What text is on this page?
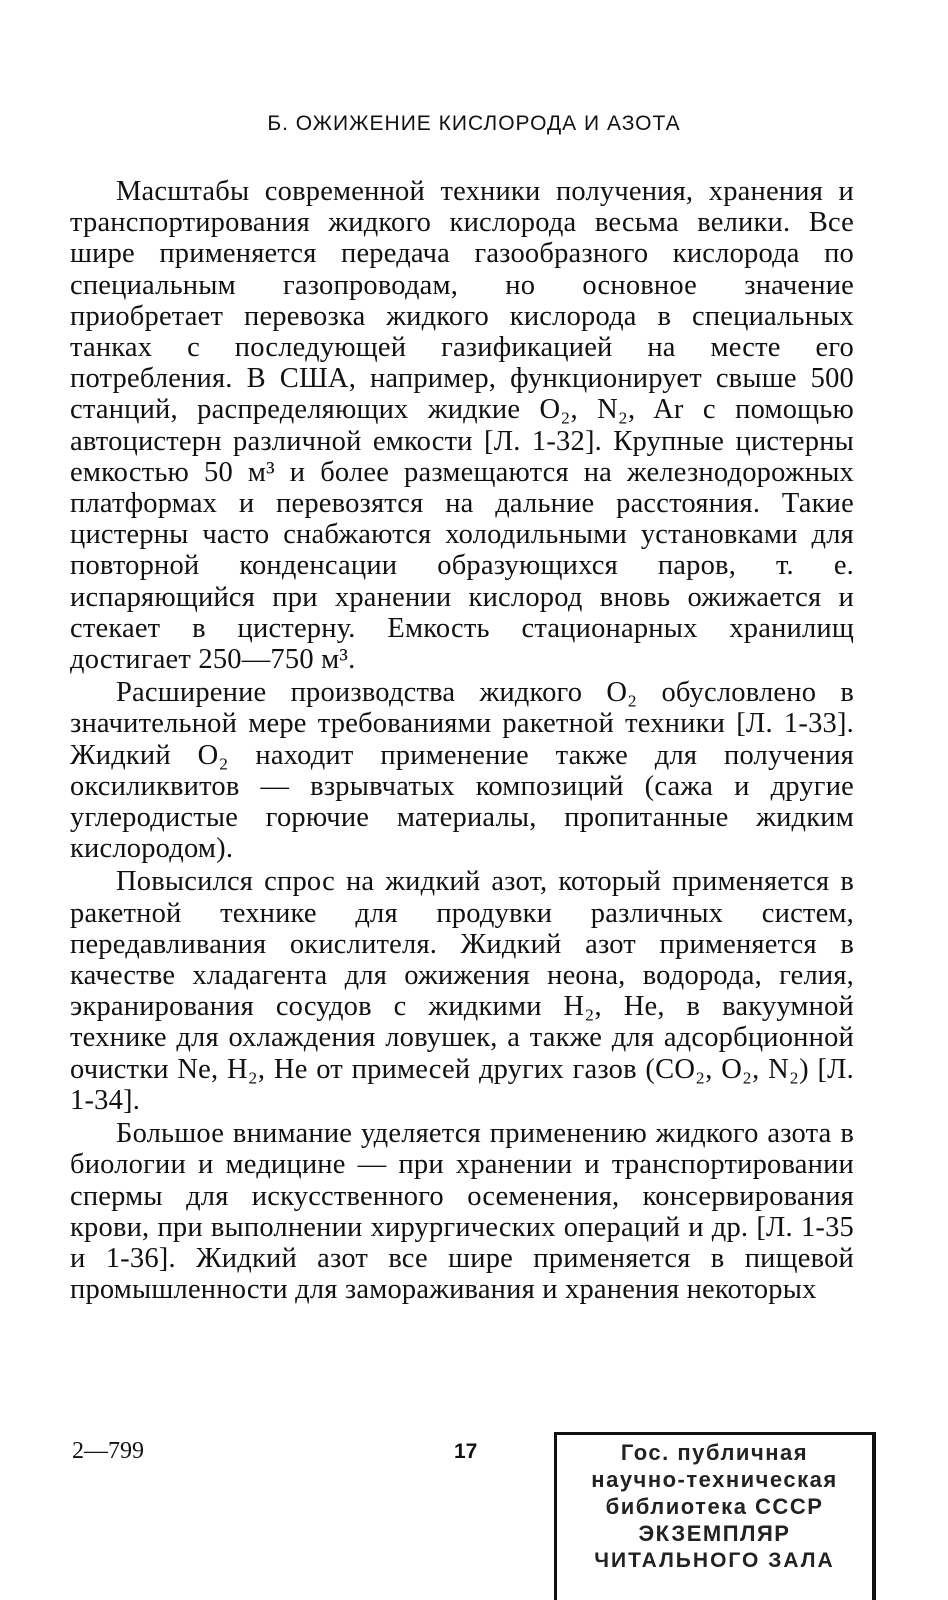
Б. ОЖИЖЕНИЕ КИСЛОРОДА И АЗОТА

Масштабы современной техники получения, хранения и транспортирования жидкого кислорода весьма велики. Все шире применяется передача газообразного кислорода по специальным газопроводам, но основное значение приобретает перевозка жидкого кислорода в специальных танках с последующей газификацией на месте его потребления. В США, например, функционирует свыше 500 станций, распределяющих жидкие O₂, N₂, Ar с помощью автоцистерн различной емкости [Л. 1-32]. Крупные цистерны емкостью 50 м³ и более размещаются на железнодорожных платформах и перевозятся на дальние расстояния. Такие цистерны часто снабжаются холодильными установками для повторной конденсации образующихся паров, т. е. испаряющийся при хранении кислород вновь ожижается и стекает в цистерну. Емкость стационарных хранилищ достигает 250—750 м³.

Расширение производства жидкого O₂ обусловлено в значительной мере требованиями ракетной техники [Л. 1-33]. Жидкий O₂ находит применение также для получения оксиликвитов — взрывчатых композиций (сажа и другие углеродистые горючие материалы, пропитанные жидким кислородом).

Повысился спрос на жидкий азот, который применяется в ракетной технике для продувки различных систем, передавливания окислителя. Жидкий азот применяется в качестве хладагента для ожижения неона, водорода, гелия, экранирования сосудов с жидкими H₂, He, в вакуумной технике для охлаждения ловушек, а также для адсорбционной очистки Ne, H₂, He от примесей других газов (CO₂, O₂, N₂) [Л. 1-34].

Большое внимание уделяется применению жидкого азота в биологии и медицине — при хранении и транспортировании спермы для искусственного осеменения, консервирования крови, при выполнении хирургических операций и др. [Л. 1-35 и 1-36]. Жидкий азот все шире применяется в пищевой промышленности для замораживания и хранения некоторых

2—799	17	Гос. публичная
научно-техническая
библиотека СССР
ЭКЗЕМПЛЯР
ЧИТАЛЬНОГО ЗАЛА
